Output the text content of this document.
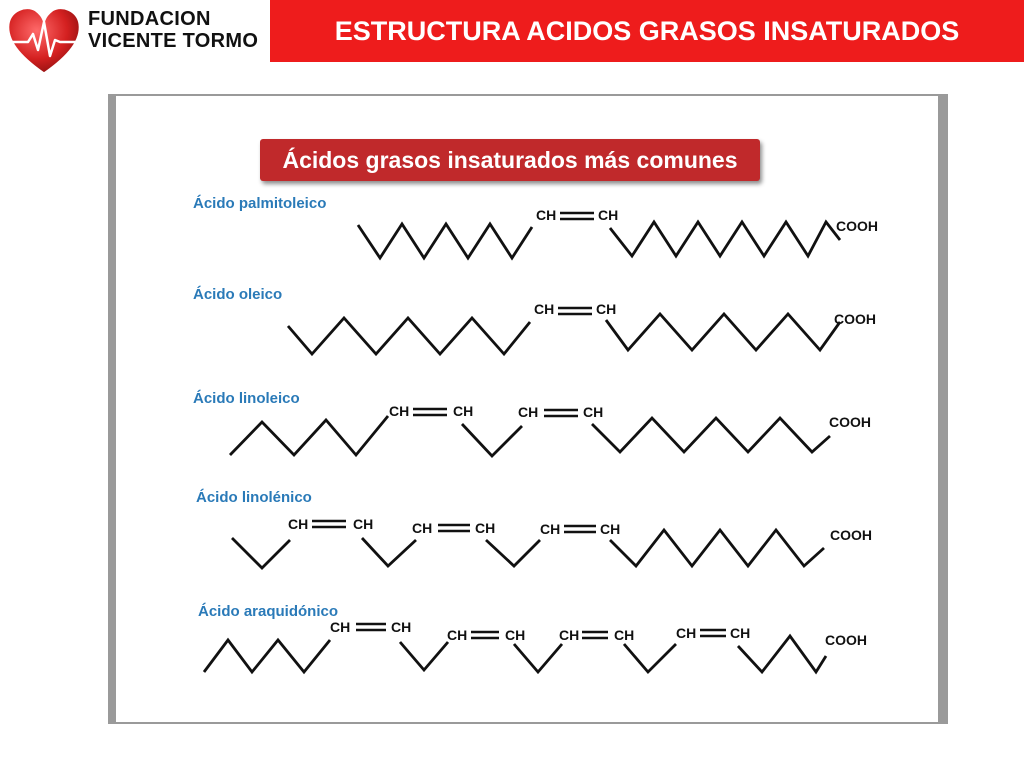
FUNDACION
VICENTE TORMO	ESTRUCTURA ACIDOS GRASOS INSATURADOS
Ácidos grasos insaturados más comunes
Ácido palmitoleico
CH	CH
COOH
Ácido oleico
CH	CH
COOH
Ácido linoleico
CH	CH	CH	CH
COOH
Ácido linolénico
CH	CH	CH	CH	CH	CH	COOH
Ácido araquidónico
CH	CH	CH	CH CH CH	CH CH	COOH
